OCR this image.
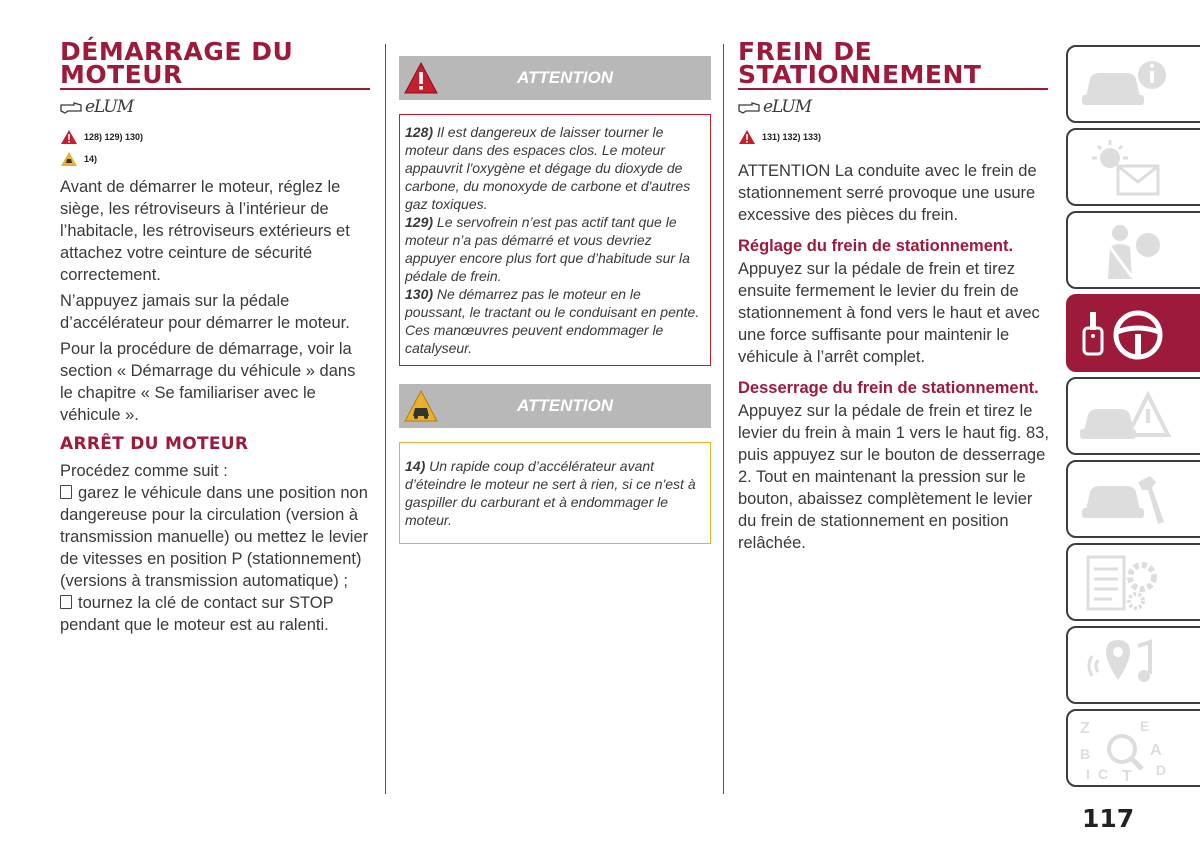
DÉMARRAGE DU MOTEUR
eLUM
128) 129) 130)
14)

Avant de démarrer le moteur, réglez le siège, les rétroviseurs à l’intérieur de l’habitacle, les rétroviseurs extérieurs et attachez votre ceinture de sécurité correctement.

N’appuyez jamais sur la pédale d’accélérateur pour démarrer le moteur.

Pour la procédure de démarrage, voir la section « Démarrage du véhicule » dans le chapitre « Se familiariser avec le véhicule ».

ARRÊT DU MOTEUR

Procédez comme suit :

garez le véhicule dans une position non dangereuse pour la circulation (version à transmission manuelle) ou mettez le levier de vitesses en position P (stationnement) (versions à transmission automatique) ;

tournez la clé de contact sur STOP pendant que le moteur est au ralenti.

ATTENTION

128) Il est dangereux de laisser tourner le moteur dans des espaces clos. Le moteur appauvrit l'oxygène et dégage du dioxyde de carbone, du monoxyde de carbone et d'autres gaz toxiques.

129) Le servofrein n’est pas actif tant que le moteur n’a pas démarré et vous devriez appuyer encore plus fort que d’habitude sur la pédale de frein.

130) Ne démarrez pas le moteur en le poussant, le tractant ou le conduisant en pente. Ces manœuvres peuvent endommager le catalyseur.

ATTENTION

14) Un rapide coup d’accélérateur avant d’éteindre le moteur ne sert à rien, si ce n'est à gaspiller du carburant et à endommager le moteur.

FREIN DE STATIONNEMENT
eLUM
131) 132) 133)

ATTENTION La conduite avec le frein de stationnement serré provoque une usure excessive des pièces du frein.

Réglage du frein de stationnement.

Appuyez sur la pédale de frein et tirez ensuite fermement le levier du frein de stationnement à fond vers le haut et avec une force suffisante pour maintenir le véhicule à l’arrêt complet.

Desserrage du frein de stationnement.

Appuyez sur la pédale de frein et tirez le levier du frein à main 1 vers le haut fig. 83, puis appuyez sur le bouton de desserrage 2. Tout en maintenant la pression sur le bouton, abaissez complètement le levier du frein de stationnement en position relâchée.

Z	E
B	A
I C T D
117
